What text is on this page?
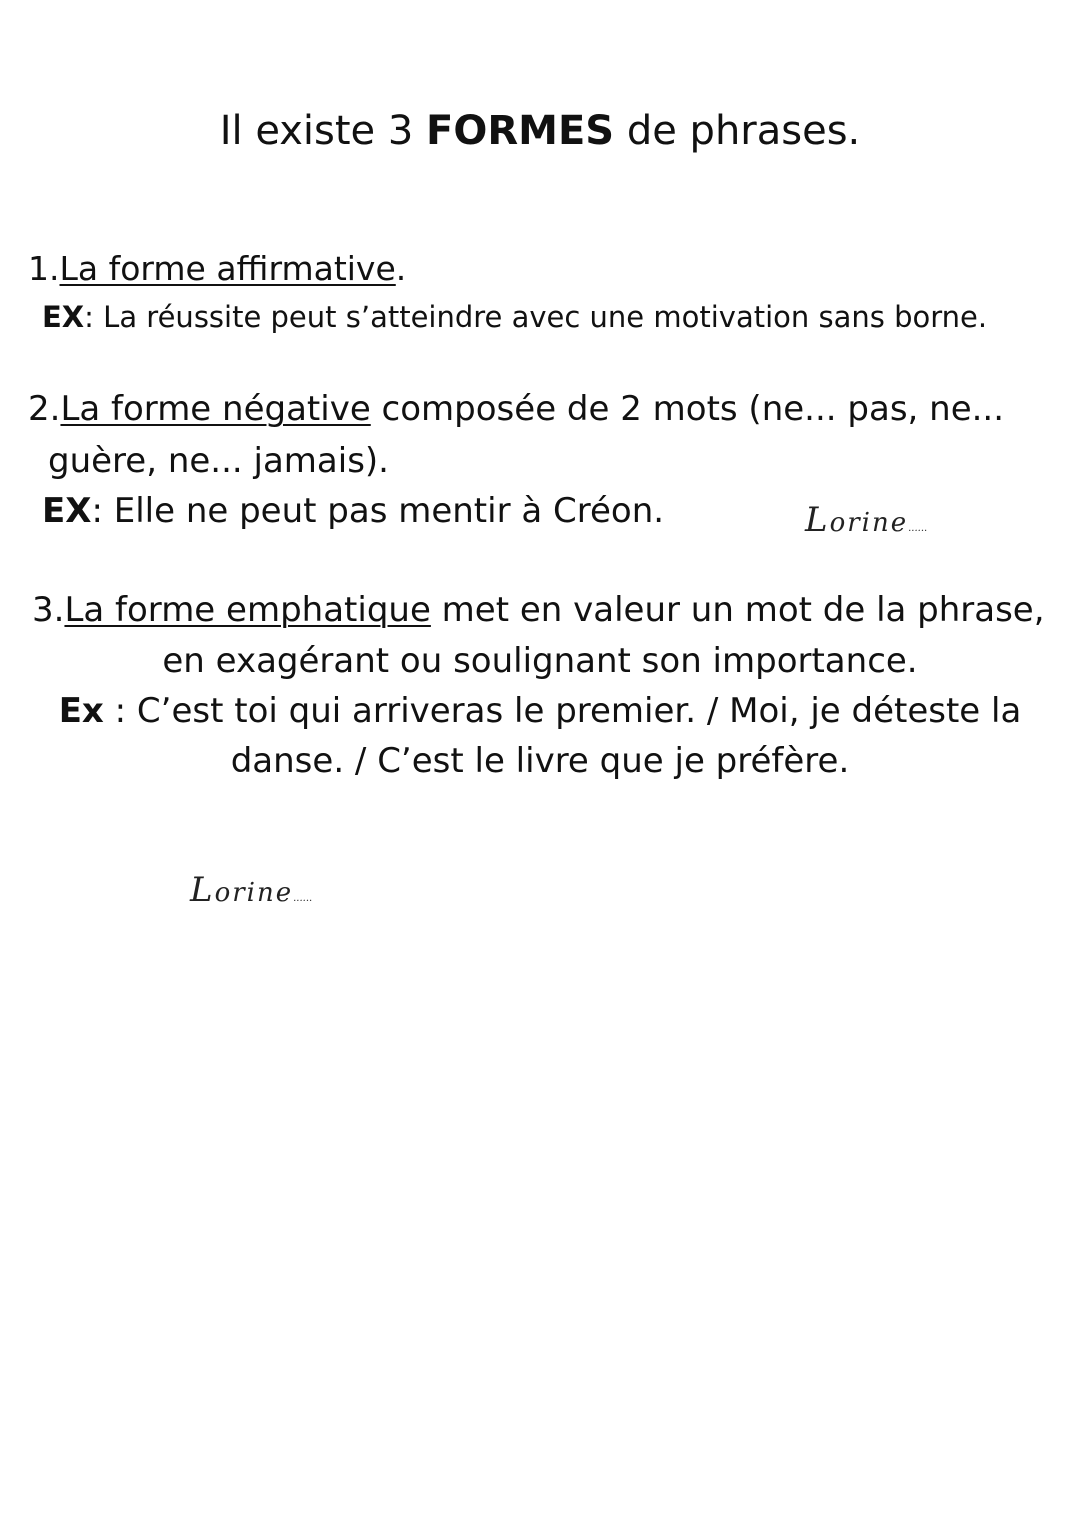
Il existe 3 FORMES de phrases.
1.La forme affirmative.
EX: La réussite peut s’atteindre avec une motivation sans borne.
2.La forme négative composée de 2 mots (ne... pas, ne...
guère, ne... jamais).
EX: Elle ne peut pas mentir à Créon.	Lorine......
3.La forme emphatique met en valeur un mot de la phrase,
en exagérant ou soulignant son importance.
Ex : C’est toi qui arriveras le premier. / Moi, je déteste la
danse. / C’est le livre que je préfère.
Lorine......
